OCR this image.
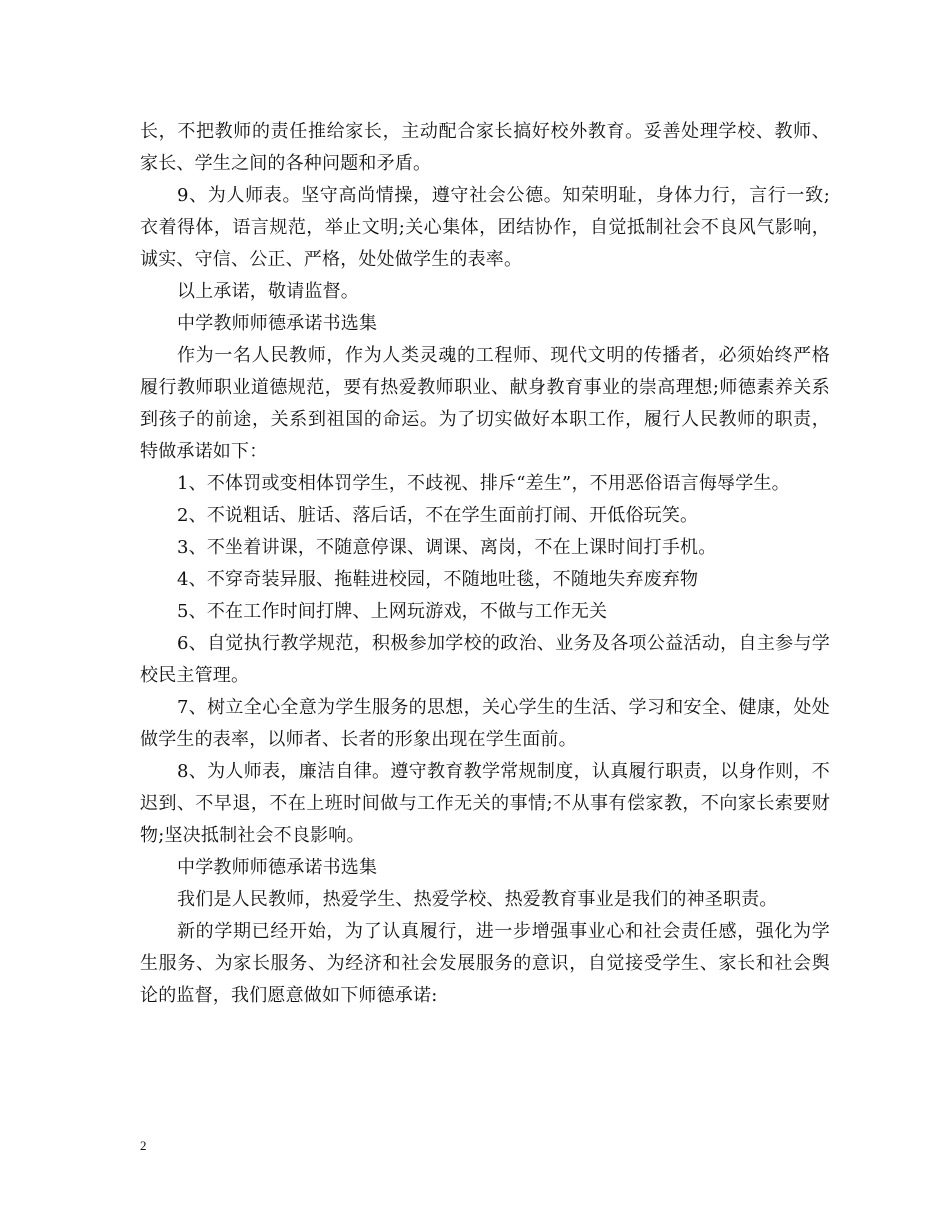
长，不把教师的责任推给家长，主动配合家长搞好校外教育。妥善处理学校、教师、家长、学生之间的各种问题和矛盾。

9、为人师表。坚守高尚情操，遵守社会公德。知荣明耻，身体力行，言行一致;衣着得体，语言规范，举止文明;关心集体，团结协作，自觉抵制社会不良风气影响，诚实、守信、公正、严格，处处做学生的表率。

以上承诺，敬请监督。

中学教师师德承诺书选集

作为一名人民教师，作为人类灵魂的工程师、现代文明的传播者，必须始终严格履行教师职业道德规范，要有热爱教师职业、献身教育事业的崇高理想;师德素养关系到孩子的前途，关系到祖国的命运。为了切实做好本职工作，履行人民教师的职责，特做承诺如下：

1、不体罚或变相体罚学生，不歧视、排斥“差生”，不用恶俗语言侮辱学生。

2、不说粗话、脏话、落后话，不在学生面前打闹、开低俗玩笑。

3、不坐着讲课，不随意停课、调课、离岗，不在上课时间打手机。

4、不穿奇装异服、拖鞋进校园，不随地吐毯，不随地失弃废弃物

5、不在工作时间打牌、上网玩游戏，不做与工作无关

6、自觉执行教学规范，积极参加学校的政治、业务及各项公益活动，自主参与学校民主管理。

7、树立全心全意为学生服务的思想，关心学生的生活、学习和安全、健康，处处做学生的表率，以师者、长者的形象出现在学生面前。

8、为人师表，廉洁自律。遵守教育教学常规制度，认真履行职责，以身作则，不迟到、不早退，不在上班时间做与工作无关的事情;不从事有偿家教，不向家长索要财物;坚决抵制社会不良影响。

中学教师师德承诺书选集

我们是人民教师，热爱学生、热爱学校、热爱教育事业是我们的神圣职责。

新的学期已经开始，为了认真履行，进一步增强事业心和社会责任感，强化为学生服务、为家长服务、为经济和社会发展服务的意识，自觉接受学生、家长和社会舆论的监督，我们愿意做如下师德承诺:

2
